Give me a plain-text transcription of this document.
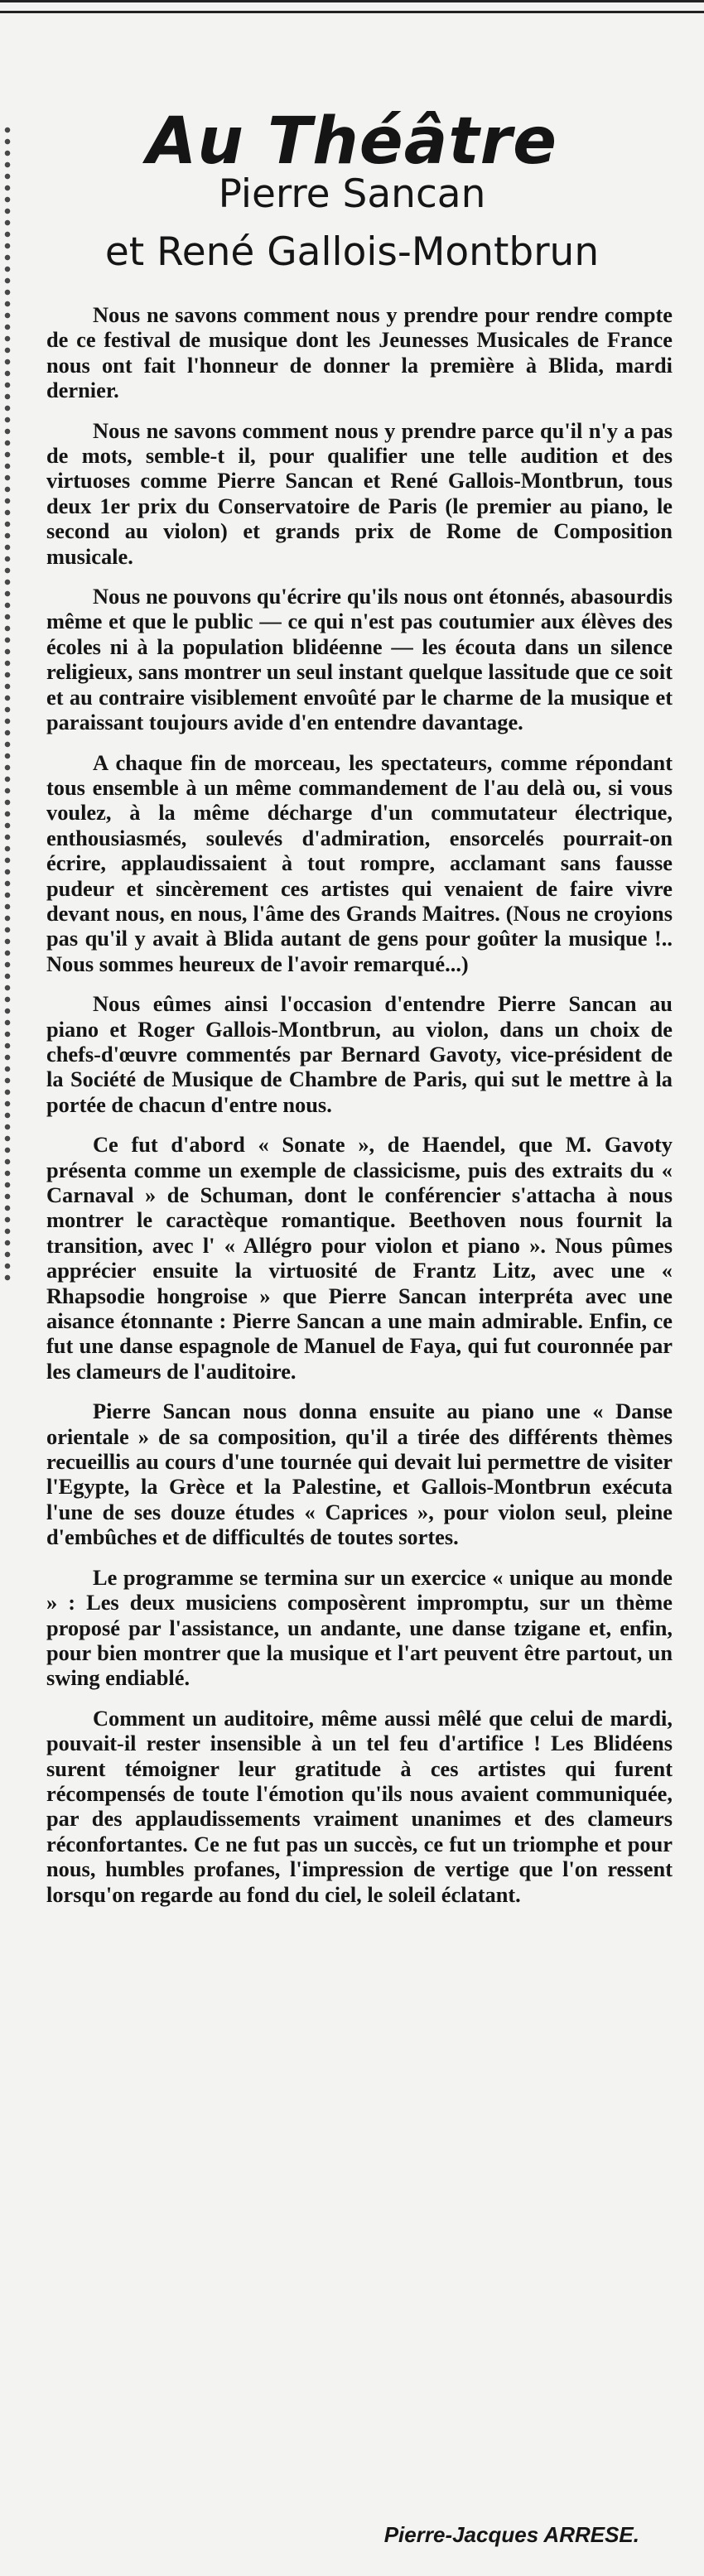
Au Théâtre
Pierre Sancan
et René Gallois-Montbrun

Nous ne savons comment nous y prendre pour rendre compte de ce festival de musique dont les Jeunesses Musicales de France nous ont fait l'honneur de donner la première à Blida, mardi dernier.

Nous ne savons comment nous y prendre parce qu'il n'y a pas de mots, semble-t il, pour qualifier une telle audition et des virtuoses comme Pierre Sancan et René Gallois-Montbrun, tous deux 1er prix du Conservatoire de Paris (le premier au piano, le second au violon) et grands prix de Rome de Composition musicale.

Nous ne pouvons qu'écrire qu'ils nous ont étonnés, abasourdis même et que le public — ce qui n'est pas coutumier aux élèves des écoles ni à la population blidéenne — les écouta dans un silence religieux, sans montrer un seul instant quelque lassitude que ce soit et au contraire visiblement envoûté par le charme de la musique et paraissant toujours avide d'en entendre davantage.

A chaque fin de morceau, les spectateurs, comme répondant tous ensemble à un même commandement de l'au delà ou, si vous voulez, à la même décharge d'un commutateur électrique, enthousiasmés, soulevés d'admiration, ensorcelés pourrait-on écrire, applaudissaient à tout rompre, acclamant sans fausse pudeur et sincèrement ces artistes qui venaient de faire vivre devant nous, en nous, l'âme des Grands Maitres. (Nous ne croyions pas qu'il y avait à Blida autant de gens pour goûter la musique !.. Nous sommes heureux de l'avoir remarqué...)

Nous eûmes ainsi l'occasion d'entendre Pierre Sancan au piano et Roger Gallois-Montbrun, au violon, dans un choix de chefs-d'œuvre commentés par Bernard Gavoty, vice-président de la Société de Musique de Chambre de Paris, qui sut le mettre à la portée de chacun d'entre nous.

Ce fut d'abord « Sonate », de Haendel, que M. Gavoty présenta comme un exemple de classicisme, puis des extraits du « Carnaval » de Schuman, dont le conférencier s'attacha à nous montrer le caractèque romantique. Beethoven nous fournit la transition, avec l' « Allégro pour violon et piano ». Nous pûmes apprécier ensuite la virtuosité de Frantz Litz, avec une « Rhapsodie hongroise » que Pierre Sancan interpréta avec une aisance étonnante : Pierre Sancan a une main admirable. Enfin, ce fut une danse espagnole de Manuel de Faya, qui fut couronnée par les clameurs de l'auditoire.

Pierre Sancan nous donna ensuite au piano une « Danse orientale » de sa composition, qu'il a tirée des différents thèmes recueillis au cours d'une tournée qui devait lui permettre de visiter l'Egypte, la Grèce et la Palestine, et Gallois-Montbrun exécuta l'une de ses douze études « Caprices », pour violon seul, pleine d'embûches et de difficultés de toutes sortes.

Le programme se termina sur un exercice « unique au monde » : Les deux musiciens composèrent impromptu, sur un thème proposé par l'assistance, un andante, une danse tzigane et, enfin, pour bien montrer que la musique et l'art peuvent être partout, un swing endiablé.

Comment un auditoire, même aussi mêlé que celui de mardi, pouvait-il rester insensible à un tel feu d'artifice ! Les Blidéens surent témoigner leur gratitude à ces artistes qui furent récompensés de toute l'émotion qu'ils nous avaient communiquée, par des applaudissements vraiment unanimes et des clameurs réconfortantes. Ce ne fut pas un succès, ce fut un triomphe et pour nous, humbles profanes, l'impression de vertige que l'on ressent lorsqu'on regarde au fond du ciel, le soleil éclatant.

Pierre-Jacques ARRESE.
